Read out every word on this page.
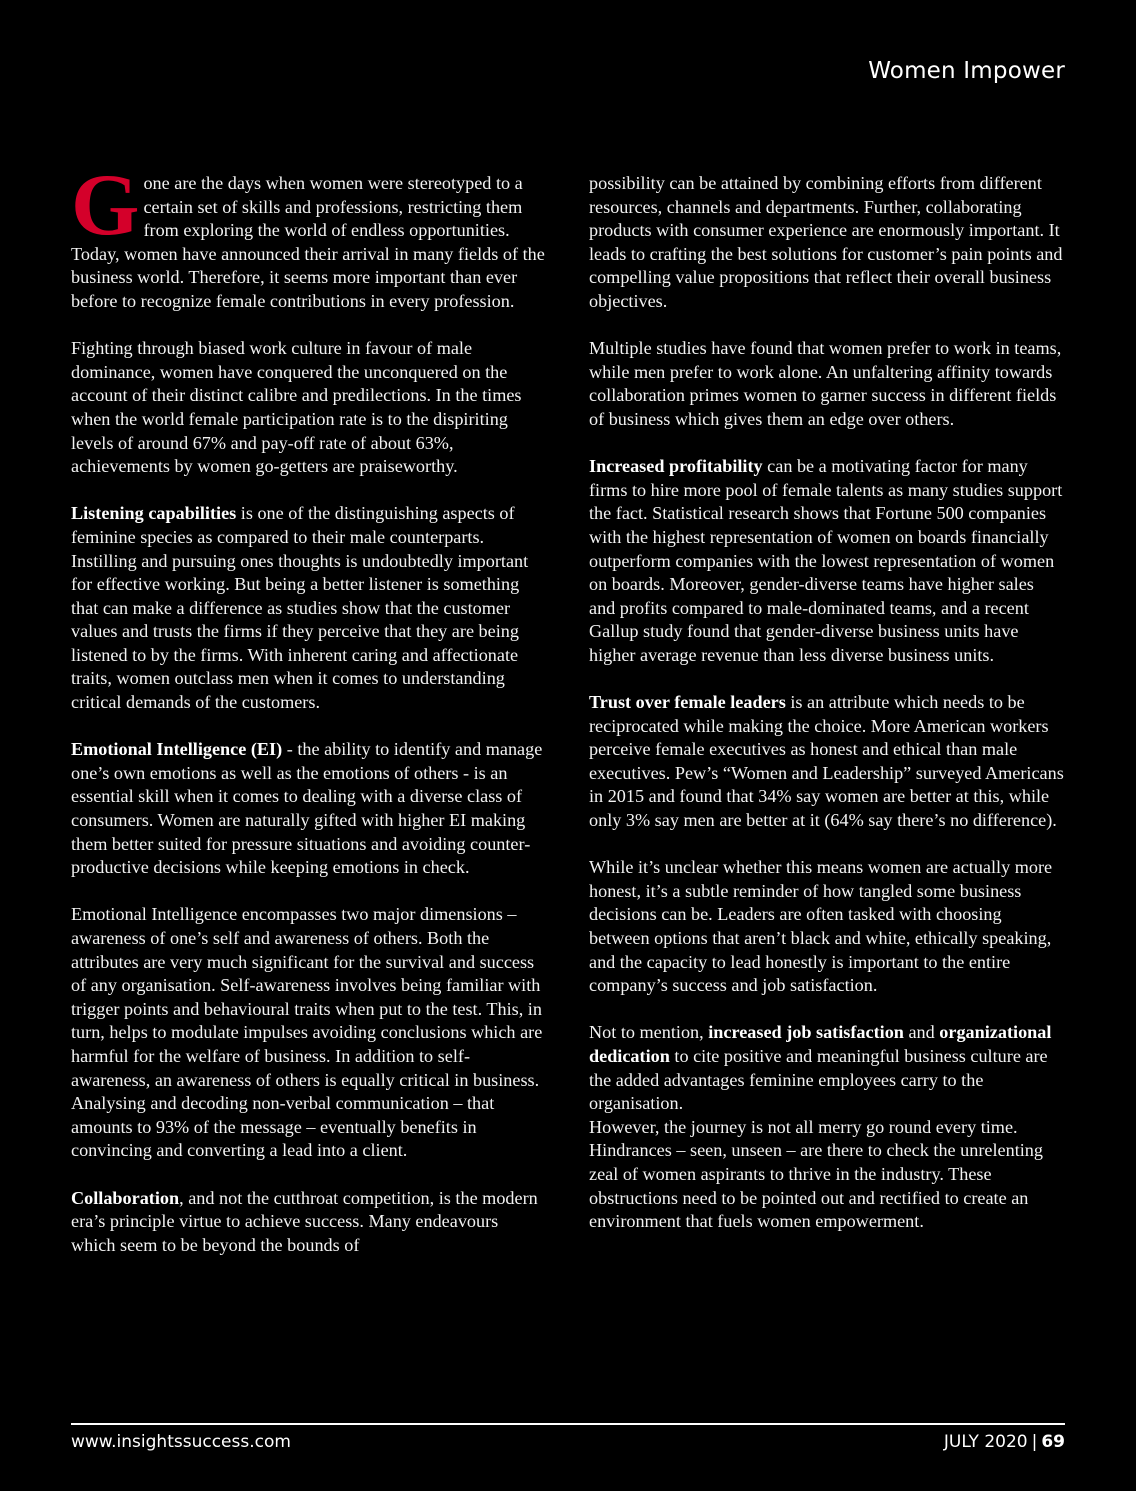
Women Impower

Gone are the days when women were stereotyped to a certain set of skills and professions, restricting them from exploring the world of endless opportunities. Today, women have announced their arrival in many fields of the business world. Therefore, it seems more important than ever before to recognize female contributions in every profession.

Fighting through biased work culture in favour of male dominance, women have conquered the unconquered on the account of their distinct calibre and predilections. In the times when the world female participation rate is to the dispiriting levels of around 67% and pay-off rate of about 63%, achievements by women go-getters are praiseworthy.

Listening capabilities is one of the distinguishing aspects of feminine species as compared to their male counterparts. Instilling and pursuing ones thoughts is undoubtedly important for effective working. But being a better listener is something that can make a difference as studies show that the customer values and trusts the firms if they perceive that they are being listened to by the firms. With inherent caring and affectionate traits, women outclass men when it comes to understanding critical demands of the customers.

Emotional Intelligence (EI) - the ability to identify and manage one’s own emotions as well as the emotions of others - is an essential skill when it comes to dealing with a diverse class of consumers. Women are naturally gifted with higher EI making them better suited for pressure situations and avoiding counter-productive decisions while keeping emotions in check.

Emotional Intelligence encompasses two major dimensions – awareness of one’s self and awareness of others. Both the attributes are very much significant for the survival and success of any organisation. Self-awareness involves being familiar with trigger points and behavioural traits when put to the test. This, in turn, helps to modulate impulses avoiding conclusions which are harmful for the welfare of business. In addition to self-awareness, an awareness of others is equally critical in business. Analysing and decoding non-verbal communication – that amounts to 93% of the message – eventually benefits in convincing and converting a lead into a client.

Collaboration, and not the cutthroat competition, is the modern era’s principle virtue to achieve success. Many endeavours which seem to be beyond the bounds of

possibility can be attained by combining efforts from different resources, channels and departments. Further, collaborating products with consumer experience are enormously important. It leads to crafting the best solutions for customer’s pain points and compelling value propositions that reflect their overall business objectives.

Multiple studies have found that women prefer to work in teams, while men prefer to work alone. An unfaltering affinity towards collaboration primes women to garner success in different fields of business which gives them an edge over others.

Increased profitability can be a motivating factor for many firms to hire more pool of female talents as many studies support the fact. Statistical research shows that Fortune 500 companies with the highest representation of women on boards financially outperform companies with the lowest representation of women on boards. Moreover, gender-diverse teams have higher sales and profits compared to male-dominated teams, and a recent Gallup study found that gender-diverse business units have higher average revenue than less diverse business units.

Trust over female leaders is an attribute which needs to be reciprocated while making the choice. More American workers perceive female executives as honest and ethical than male executives. Pew’s “Women and Leadership” surveyed Americans in 2015 and found that 34% say women are better at this, while only 3% say men are better at it (64% say there’s no difference).

While it’s unclear whether this means women are actually more honest, it’s a subtle reminder of how tangled some business decisions can be. Leaders are often tasked with choosing between options that aren’t black and white, ethically speaking, and the capacity to lead honestly is important to the entire company’s success and job satisfaction.

Not to mention, increased job satisfaction and organizational dedication to cite positive and meaningful business culture are the added advantages feminine employees carry to the organisation.

However, the journey is not all merry go round every time. Hindrances – seen, unseen – are there to check the unrelenting zeal of women aspirants to thrive in the industry. These obstructions need to be pointed out and rectified to create an environment that fuels women empowerment.

www.insightssuccess.com	JULY 2020 | 69
